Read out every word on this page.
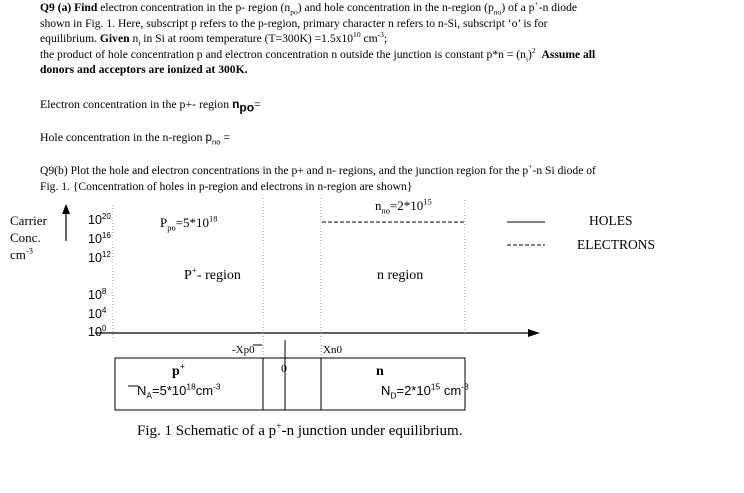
Q9 (a) Find electron concentration in the p- region $(n_{po})$ and hole concentration in the n-region $(p_{no})$ of a p+-n diode
shown in Fig. 1. Here, subscript p refers to the p-region, primary character n refers to n-Si, subscript ‘o’ is for
equilibrium. Given $n_i$ in Si at room temperature $(T=300K) =1.5x10^{10}$ $cm^{-3}$;
the product of hole concentration p and electron concentration n outside the junction is constant $p*n = (n_i)^2$ Assume all
donors and acceptors are ionized at 300K.
Electron concentration in the p+- region $n_{po}=$
Hole concentration in the n-region $p_{no}$ =
Q9(b) Plot the hole and electron concentrations in the p+ and n- regions, and the junction region for the p+-n Si diode of
Fig. 1. {Concentration of holes in p-region and electrons in n-region are shown}
Carrier
Conc.
$cm^{-3}$
$10^{20}$
$10^{16}$
$10^{12}$
$10^8$
$10^4$
$10^0$
$P_{po}=5*10^{18}$
$n_{no}=2*10^{15}$
P+- region	n region
HOLES
ELECTRONS
-Xp0	Xn0
0
p+	n
$N_A=5*10^{18}cm^{-3}$	$N_D=2*10^{15}$ $cm^{-3}$
Fig. 1 Schematic of a p+-n junction under equilibrium.
